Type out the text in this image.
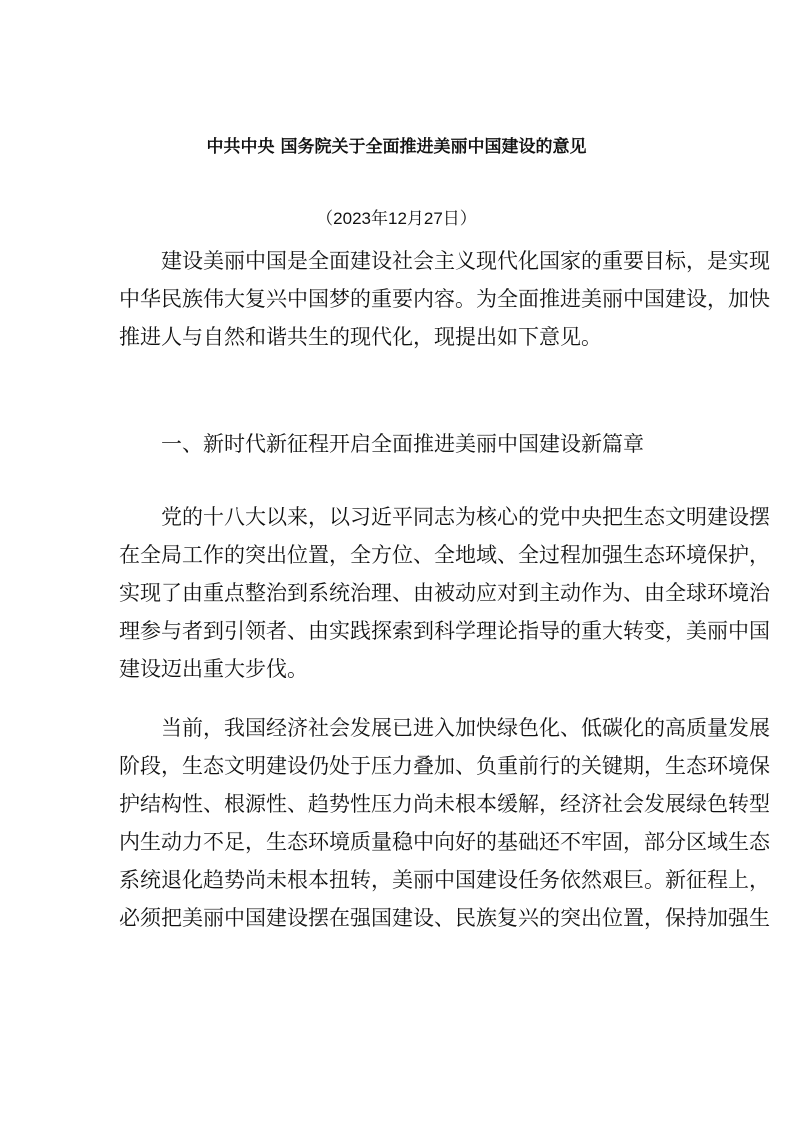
中共中央 国务院关于全面推进美丽中国建设的意见
（2023年12月27日）
建设美丽中国是全面建设社会主义现代化国家的重要目标，是实现
中华民族伟大复兴中国梦的重要内容。为全面推进美丽中国建设，加快
推进人与自然和谐共生的现代化，现提出如下意见。
一、新时代新征程开启全面推进美丽中国建设新篇章
党的十八大以来，以习近平同志为核心的党中央把生态文明建设摆
在全局工作的突出位置，全方位、全地域、全过程加强生态环境保护，
实现了由重点整治到系统治理、由被动应对到主动作为、由全球环境治
理参与者到引领者、由实践探索到科学理论指导的重大转变，美丽中国
建设迈出重大步伐。
当前，我国经济社会发展已进入加快绿色化、低碳化的高质量发展
阶段，生态文明建设仍处于压力叠加、负重前行的关键期，生态环境保
护结构性、根源性、趋势性压力尚未根本缓解，经济社会发展绿色转型
内生动力不足，生态环境质量稳中向好的基础还不牢固，部分区域生态
系统退化趋势尚未根本扭转，美丽中国建设任务依然艰巨。新征程上，
必须把美丽中国建设摆在强国建设、民族复兴的突出位置，保持加强生
